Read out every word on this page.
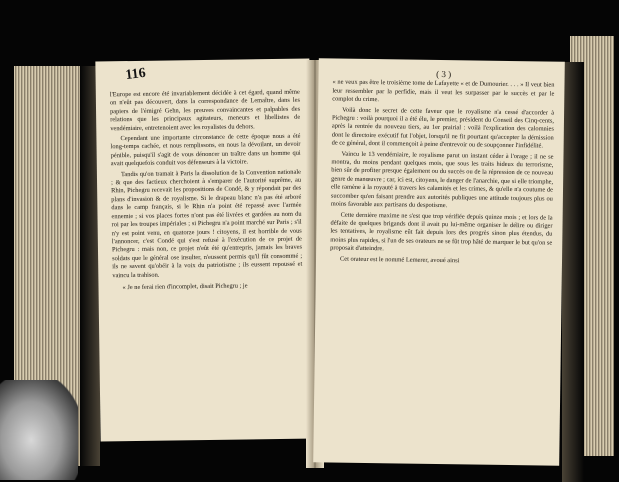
116

l'Europe est encore été invariablement décidée à cet égard, quand même on n'eût pas découvert, dans la correspondance de Lemaître, dans les papiers de l'émigré Gehn, les preuves convaincantes et palpables des relations que les principaux agitateurs, meneurs et libellistes de vendémiaire, entretenoient avec les royalistes du dehors.

Cependant une importante circonstance de cette époque nous a été long-temps cachée, et nous remplissons, en nous la dévoilant, un devoir pénible, puisqu'il s'agit de vous dénoncer un traître dans un homme qui avait quelquefois conduit vos défenseurs à la victoire.

Tandis qu'on tramait à Paris la dissolution de la Convention nationale ; & que des factieux cherchoient à s'emparer de l'autorité suprême, au Rhin, Pichegru recevait les propositions de Condé, & y répondait par des plans d'invasion & de royalisme. Si le drapeau blanc n'a pas été arboré dans le camp français, si le Rhin n'a point été repassé avec l'armée ennemie ; si vos places fortes n'ont pas été livrées et gardées au nom du roi par les troupes impériales ; si Pichegru n'a point marché sur Paris ; s'il n'y est point venu, en quatorze jours ! citoyens, il est horrible de vous l'annoncer, c'est Condé qui s'est refusé à l'exécution de ce projet de Pichegru : mais non, ce projet n'eût été qu'entrepris, jamais les braves soldats que le général ose insulter, n'eussent permis qu'il fût consommé ; ils ne savent qu'obéir à la voix du patriotisme ; ils eussent repoussé et vaincu la trahison.

« Je ne ferai rien d'incomplet, disait Pichegru ; je

( 3 )

« ne veux pas être le troisième tome de Lafayette « et de Dumourier. . . . » Il veut bien leur ressembler par la perfidie, mais il veut les surpasser par le succès et par le complot du crime.

Voilà donc le secret de cette faveur que le royalisme n'a cessé d'accorder à Pichegru : voilà pourquoi il a été élu, le premier, président du Conseil des Cinq-cents, après la rentrée du nouveau tiers, au 1er prairial : voilà l'explication des calomnies dont le directoire exécutif fut l'objet, lorsqu'il ne fit pourtant qu'accepter la démission de ce général, dont il commençoit à peine d'entrevoir ou de soupçonner l'infidélité.

Vaincu le 13 vendémiaire, le royalisme parut un instant céder à l'orage ; il ne se montra, du moins pendant quelques mois, que sous les traits hideux du terrorisme, bien sûr de profiter presque également ou du succès ou de la répression de ce nouveau genre de manœuvre ; car, ici est, citoyens, le danger de l'anarchie, que si elle triomphe, elle ramène à la royauté à travers les calamités et les crimes, & qu'elle n'a coutume de succomber qu'en faisant prendre aux autorités publiques une attitude toujours plus ou moins favorable aux partisans du despotisme.

Cette dernière maxime ne s'est que trop vérifiée depuis quinze mois ; et lors de la défaite de quelques brigands dont il avait pu lui-même organiser le délire ou diriger les tentatives, le royalisme eût fait depuis lors des progrès sinon plus étendus, du moins plus rapides, si l'un de ses orateurs ne se fût trop hâté de marquer le but qu'on se proposait d'atteindre.

Cet orateur est le nommé Lemerer, avoué ainsi
